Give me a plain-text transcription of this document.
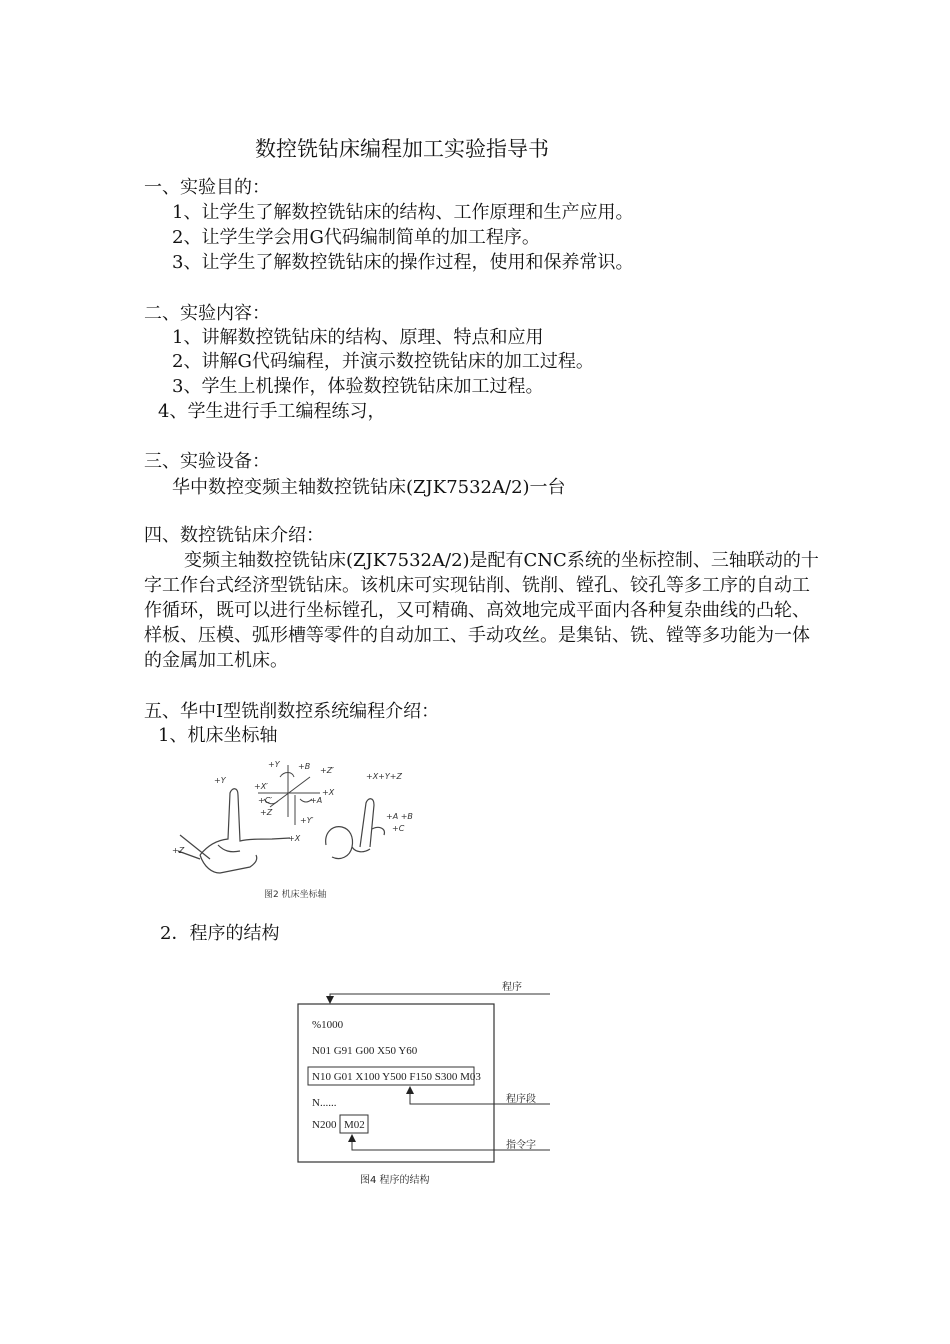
数控铣钻床编程加工实验指导书
一、实验目的：
1、让学生了解数控铣钻床的结构、工作原理和生产应用。
2、让学生学会用G代码编制简单的加工程序。
3、让学生了解数控铣钻床的操作过程，使用和保养常识。
二、实验内容：
1、讲解数控铣钻床的结构、原理、特点和应用
2、讲解G代码编程，并演示数控铣钻床的加工过程。
3、学生上机操作，体验数控铣钻床加工过程。
4、学生进行手工编程练习，
三、实验设备：
华中数控变频主轴数控铣钻床(ZJK7532A/2)一台
四、数控铣钻床介绍：
变频主轴数控铣钻床(ZJK7532A/2)是配有CNC系统的坐标控制、三轴联动的十字工作台式经济型铣钻床。该机床可实现钻削、铣削、镗孔、铰孔等多工序的自动工作循环，既可以进行坐标镗孔，又可精确、高效地完成平面内各种复杂曲线的凸轮、样板、压模、弧形槽等零件的自动加工、手动攻丝。是集钻、铣、镗等多功能为一体的金属加工机床。
五、华中Ⅰ型铣削数控系统编程介绍：
1、机床坐标轴
+Y
+Z
+X
+Y +B +Z′
+X′
+C′	+A
+X
+Z
+Y′
+X+Y+Z
+A +B
+C
图2 机床坐标轴
2．程序的结构
程序
%1000
N01 G91 G00 X50 Y60
N10 G01 X100 Y500 F150 S300 M03
程序段
N......
N200 M02
指令字
图4 程序的结构
